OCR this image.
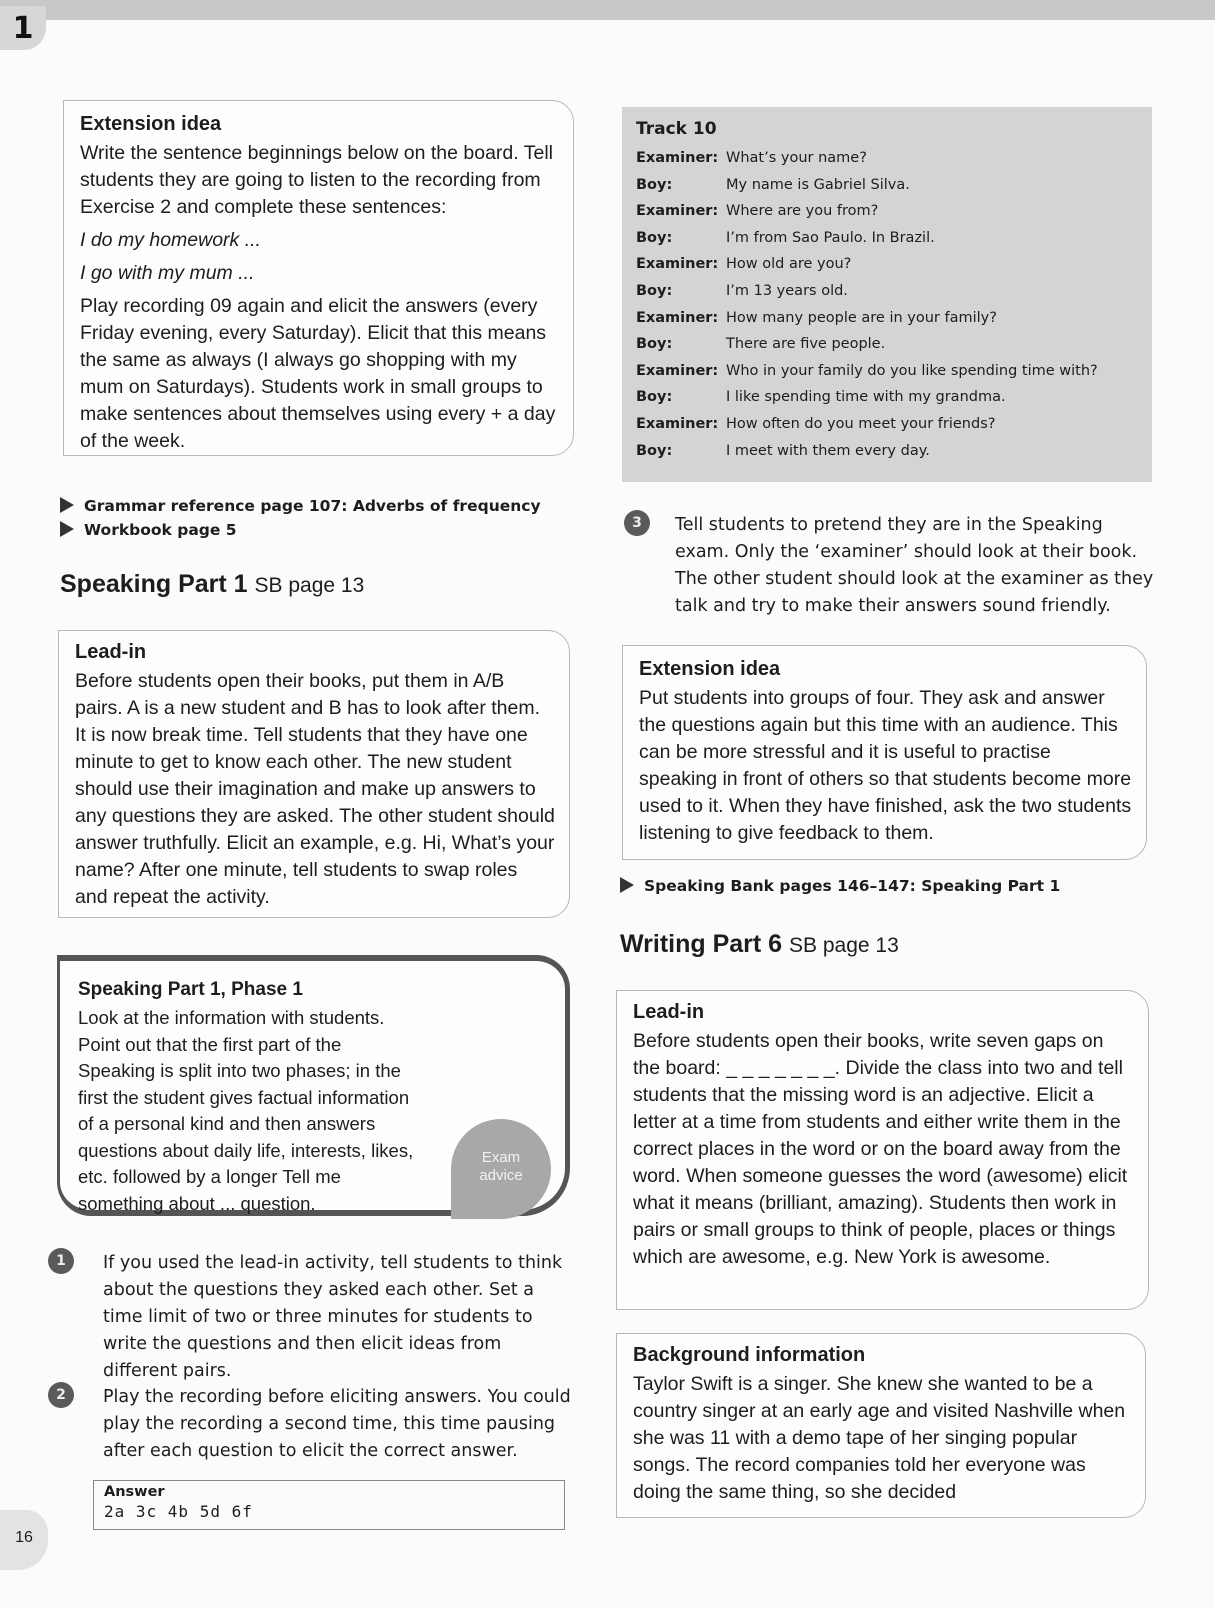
1
Extension idea

Write the sentence beginnings below on the board. Tell students they are going to listen to the recording from Exercise 2 and complete these sentences:

I do my homework ...

I go with my mum ...

Play recording 09 again and elicit the answers (every Friday evening, every Saturday). Elicit that this means the same as always (I always go shopping with my mum on Saturdays). Students work in small groups to make sentences about themselves using every + a day of the week.

Grammar reference page 107: Adverbs of frequency
Workbook page 5
Speaking Part 1 SB page 13
Lead-in

Before students open their books, put them in A/B pairs. A is a new student and B has to look after them. It is now break time. Tell students that they have one minute to get to know each other. The new student should use their imagination and make up answers to any questions they are asked. The other student should answer truthfully. Elicit an example, e.g. Hi, What’s your name? After one minute, tell students to swap roles and repeat the activity.

Speaking Part 1, Phase 1

Look at the information with students. Point out that the first part of the Speaking is split into two phases; in the first the student gives factual information of a personal kind and then answers questions about daily life, interests, likes, etc. followed by a longer Tell me something about ... question.

Exam
advice
1	If you used the lead-in activity, tell students to think about the questions they asked each other. Set a time limit of two or three minutes for students to write the questions and then elicit ideas from different pairs.
2	Play the recording before eliciting answers. You could play the recording a second time, this time pausing after each question to elicit the correct answer.
Answer
2a 3c 4b 5d 6f
16
Track 10
Examiner: What’s your name?
Boy:	My name is Gabriel Silva.
Examiner: Where are you from?
Boy:	I’m from Sao Paulo. In Brazil.
Examiner: How old are you?
Boy:	I’m 13 years old.
Examiner: How many people are in your family?
Boy:	There are five people.
Examiner: Who in your family do you like spending time with?
Boy:	I like spending time with my grandma.
Examiner: How often do you meet your friends?
Boy:	I meet with them every day.
3	Tell students to pretend they are in the Speaking exam. Only the ‘examiner’ should look at their book. The other student should look at the examiner as they talk and try to make their answers sound friendly.
Extension idea

Put students into groups of four. They ask and answer the questions again but this time with an audience. This can be more stressful and it is useful to practise speaking in front of others so that students become more used to it. When they have finished, ask the two students listening to give feedback to them.

Speaking Bank pages 146–147: Speaking Part 1
Writing Part 6 SB page 13
Lead-in

Before students open their books, write seven gaps on the board: _ _ _ _ _ _ _. Divide the class into two and tell students that the missing word is an adjective. Elicit a letter at a time from students and either write them in the correct places in the word or on the board away from the word. When someone guesses the word (awesome) elicit what it means (brilliant, amazing). Students then work in pairs or small groups to think of people, places or things which are awesome, e.g. New York is awesome.

Background information

Taylor Swift is a singer. She knew she wanted to be a country singer at an early age and visited Nashville when she was 11 with a demo tape of her singing popular songs. The record companies told her everyone was doing the same thing, so she decided
